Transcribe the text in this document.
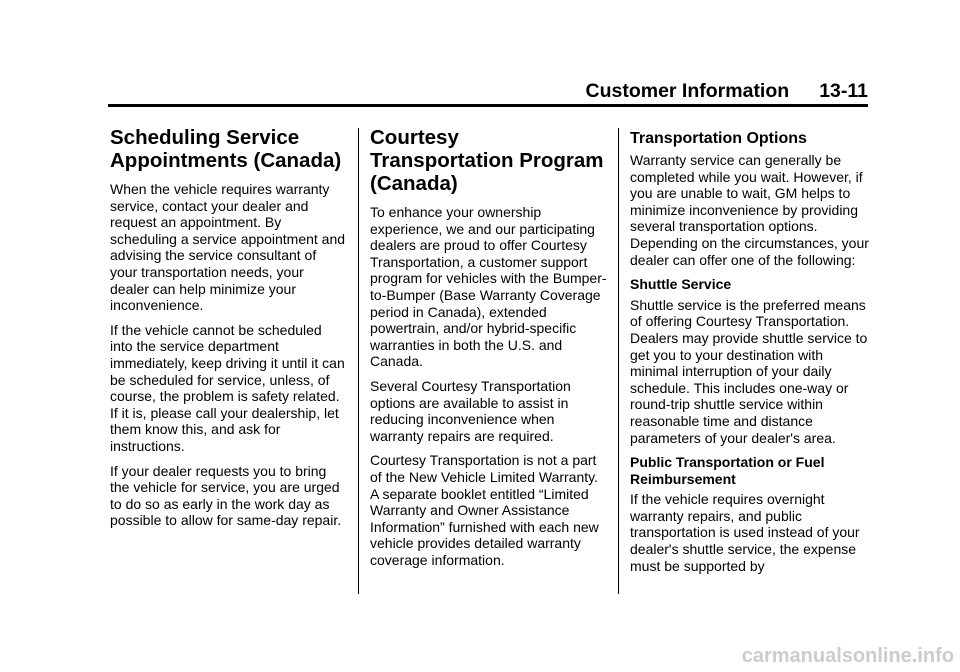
Customer Information 13-11
Scheduling Service Appointments (Canada)

When the vehicle requires warranty service, contact your dealer and request an appointment. By scheduling a service appointment and advising the service consultant of your transportation needs, your dealer can help minimize your inconvenience.

If the vehicle cannot be scheduled into the service department immediately, keep driving it until it can be scheduled for service, unless, of course, the problem is safety related. If it is, please call your dealership, let them know this, and ask for instructions.

If your dealer requests you to bring the vehicle for service, you are urged to do so as early in the work day as possible to allow for same-day repair.

Courtesy Transportation Program (Canada)

To enhance your ownership experience, we and our participating dealers are proud to offer Courtesy Transportation, a customer support program for vehicles with the Bumper-to-Bumper (Base Warranty Coverage period in Canada), extended powertrain, and/or hybrid-specific warranties in both the U.S. and Canada.

Several Courtesy Transportation options are available to assist in reducing inconvenience when warranty repairs are required.

Courtesy Transportation is not a part of the New Vehicle Limited Warranty. A separate booklet entitled “Limited Warranty and Owner Assistance Information” furnished with each new vehicle provides detailed warranty coverage information.

Transportation Options

Warranty service can generally be completed while you wait. However, if you are unable to wait, GM helps to minimize inconvenience by providing several transportation options. Depending on the circumstances, your dealer can offer one of the following:

Shuttle Service

Shuttle service is the preferred means of offering Courtesy Transportation. Dealers may provide shuttle service to get you to your destination with minimal interruption of your daily schedule. This includes one-way or round-trip shuttle service within reasonable time and distance parameters of your dealer's area.

Public Transportation or Fuel Reimbursement

If the vehicle requires overnight warranty repairs, and public transportation is used instead of your dealer's shuttle service, the expense must be supported by

carmanualsonline.info
